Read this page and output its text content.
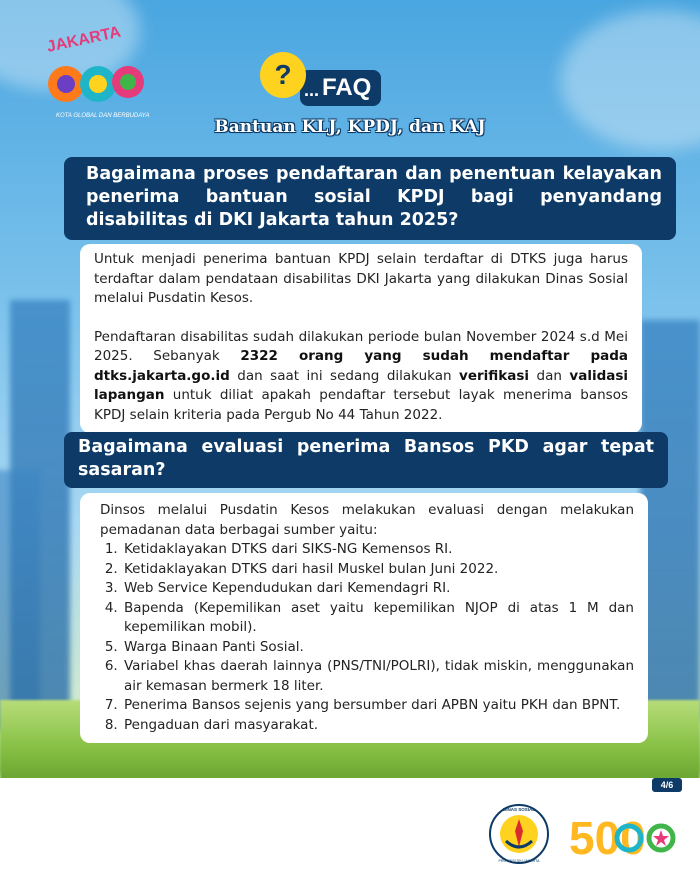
JAKARTA
KOTA GLOBAL DAN BERBUDAYA
FAQ
? ...
Bantuan KLJ, KPDJ, dan KAJ
Bagaimana proses pendaftaran dan penentuan kelayakan penerima bantuan sosial KPDJ bagi penyandang disabilitas di DKI Jakarta tahun 2025?

Untuk menjadi penerima bantuan KPDJ selain terdaftar di DTKS juga harus terdaftar dalam pendataan disabilitas DKI Jakarta yang dilakukan Dinas Sosial melalui Pusdatin Kesos.

Pendaftaran disabilitas sudah dilakukan periode bulan November 2024 s.d Mei 2025. Sebanyak 2322 orang yang sudah mendaftar pada dtks.jakarta.go.id dan saat ini sedang dilakukan verifikasi dan validasi lapangan untuk diliat apakah pendaftar tersebut layak menerima bansos KPDJ selain kriteria pada Pergub No 44 Tahun 2022.

Bagaimana evaluasi penerima Bansos PKD agar tepat sasaran?

Dinsos melalui Pusdatin Kesos melakukan evaluasi dengan melakukan pemadanan data berbagai sumber yaitu:

1. Ketidaklayakan DTKS dari SIKS-NG Kemensos RI.
2. Ketidaklayakan DTKS dari hasil Muskel bulan Juni 2022.
3. Web Service Kependudukan dari Kemendagri RI.
4. Bapenda (Kepemilikan aset yaitu kepemilikan NJOP di atas 1 M dan kepemilikan mobil).
5. Warga Binaan Panti Sosial.
6. Variabel khas daerah lainnya (PNS/TNI/POLRI), tidak miskin, menggunakan air kemasan bermerk 18 liter.
7. Penerima Bansos sejenis yang bersumber dari APBN yaitu PKH dan BPNT.
8. Pengaduan dari masyarakat.
4/6
DINAS SOSIAL
PROVINSI DKI JAKARTA 500
